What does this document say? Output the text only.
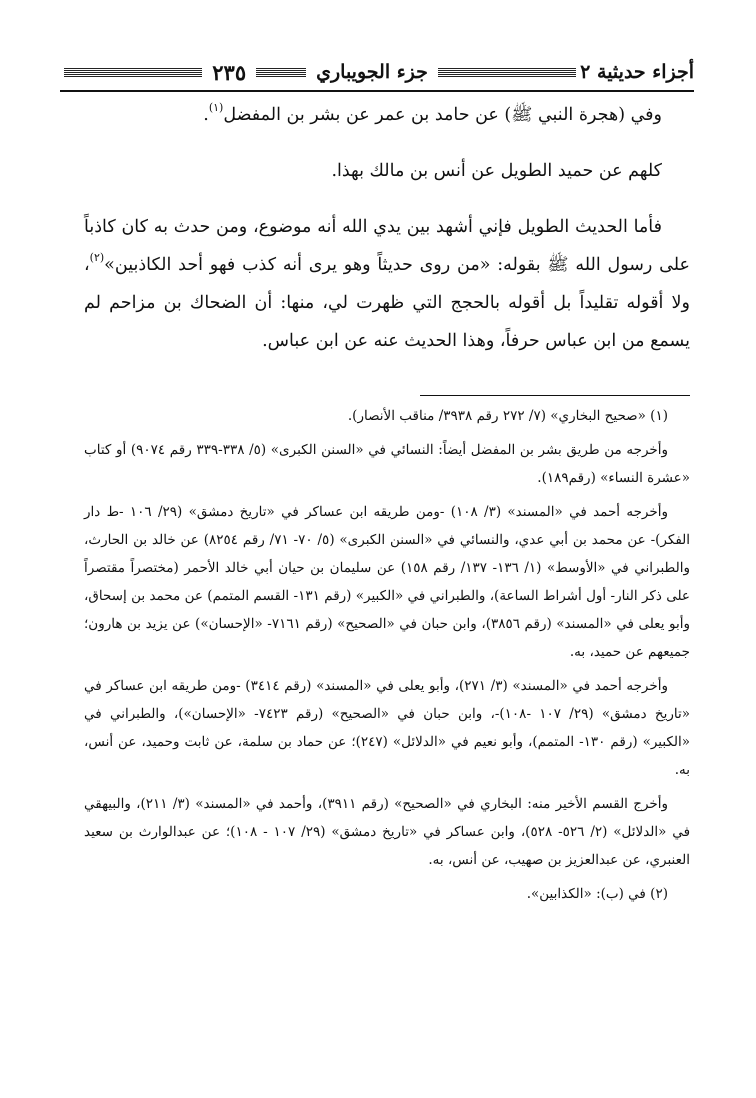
أجزاء حديثية ٢
جزء الجويباري
٢٣٥

وفي (هجرة النبي ﷺ) عن حامد بن عمر عن بشر بن المفضل$^{(١)}$.

كلهم عن حميد الطويل عن أنس بن مالك بهذا.

فأما الحديث الطويل فإني أشهد بين يدي الله أنه موضوع، ومن حدث به كان كاذباً على رسول الله ﷺ بقوله: «من روى حديثاً وهو يرى أنه كذب فهو أحد الكاذبين»$^{(٢)}$، ولا أقوله تقليداً بل أقوله بالحجج التي ظهرت لي، منها: أن الضحاك بن مزاحم لم يسمع من ابن عباس حرفاً، وهذا الحديث عنه عن ابن عباس.

(١) «صحيح البخاري» (٧/ ٢٧٢ رقم ٣٩٣٨/ مناقب الأنصار).

وأخرجه من طريق بشر بن المفضل أيضاً: النسائي في «السنن الكبرى» (٥/ ٣٣٨-٣٣٩ رقم ٩٠٧٤) أو كتاب «عشرة النساء» (رقم١٨٩).

وأخرجه أحمد في «المسند» (٣/ ١٠٨) -ومن طريقه ابن عساكر في «تاريخ دمشق» (٢٩/ ١٠٦ -ط دار الفكر)- عن محمد بن أبي عدي، والنسائي في «السنن الكبرى» (٥/ ٧٠- ٧١/ رقم ٨٢٥٤) عن خالد بن الحارث، والطبراني في «الأوسط» (١/ ١٣٦- ١٣٧/ رقم ١٥٨) عن سليمان بن حيان أبي خالد الأحمر (مختصراً مقتصراً على ذكر النار- أول أشراط الساعة)، والطبراني في «الكبير» (رقم ١٣١- القسم المتمم) عن محمد بن إسحاق، وأبو يعلى في «المسند» (رقم ٣٨٥٦)، وابن حبان في «الصحيح» (رقم ٧١٦١- «الإحسان») عن يزيد بن هارون؛ جميعهم عن حميد، به.

وأخرجه أحمد في «المسند» (٣/ ٢٧١)، وأبو يعلى في «المسند» (رقم ٣٤١٤) -ومن طريقه ابن عساكر في «تاريخ دمشق» (٢٩/ ١٠٧ -١٠٨)-، وابن حبان في «الصحيح» (رقم ٧٤٢٣- «الإحسان»)، والطبراني في «الكبير» (رقم ١٣٠- المتمم)، وأبو نعيم في «الدلائل» (٢٤٧)؛ عن حماد بن سلمة، عن ثابت وحميد، عن أنس، به.

وأخرج القسم الأخير منه: البخاري في «الصحيح» (رقم ٣٩١١)، وأحمد في «المسند» (٣/ ٢١١)، والبيهقي في «الدلائل» (٢/ ٥٢٦- ٥٢٨)، وابن عساكر في «تاريخ دمشق» (٢٩/ ١٠٧ - ١٠٨)؛ عن عبدالوارث بن سعيد العنبري، عن عبدالعزيز بن صهيب، عن أنس، به.

(٢) في (ب): «الكذابين».
